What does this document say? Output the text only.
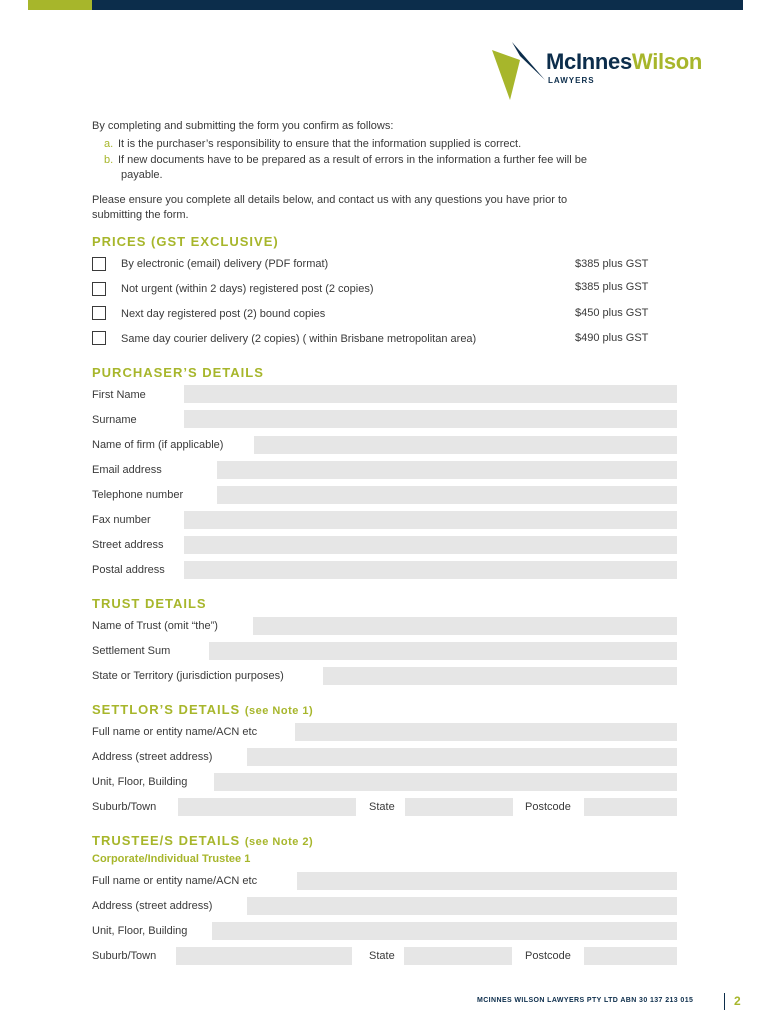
McInnesWilson
LAWYERS
By completing and submitting the form you confirm as follows:
a. It is the purchaser’s responsibility to ensure that the information supplied is correct.
b. If new documents have to be prepared as a result of errors in the information a further fee will be
payable.
Please ensure you complete all details below, and contact us with any questions you have prior to
submitting the form.
PRICES (GST EXCLUSIVE)
By electronic (email) delivery (PDF format)	$385 plus GST
Not urgent (within 2 days) registered post (2 copies)	$385 plus GST
Next day registered post (2) bound copies	$450 plus GST
Same day courier delivery (2 copies) ( within Brisbane metropolitan area)	$490 plus GST
PURCHASER’S DETAILS
First Name
Surname
Name of firm (if applicable)
Email address
Telephone number
Fax number
Street address
Postal address
TRUST DETAILS
Name of Trust (omit “the”)
Settlement Sum
State or Territory (jurisdiction purposes)
SETTLOR’S DETAILS (see Note 1)
Full name or entity name/ACN etc
Address (street address)
Unit, Floor, Building
Suburb/Town	State	Postcode
TRUSTEE/S DETAILS (see Note 2)
Corporate/Individual Trustee 1
Full name or entity name/ACN etc
Address (street address)
Unit, Floor, Building
Suburb/Town	State	Postcode
MCINNES WILSON LAWYERS PTY LTD ABN 30 137 213 015	2
